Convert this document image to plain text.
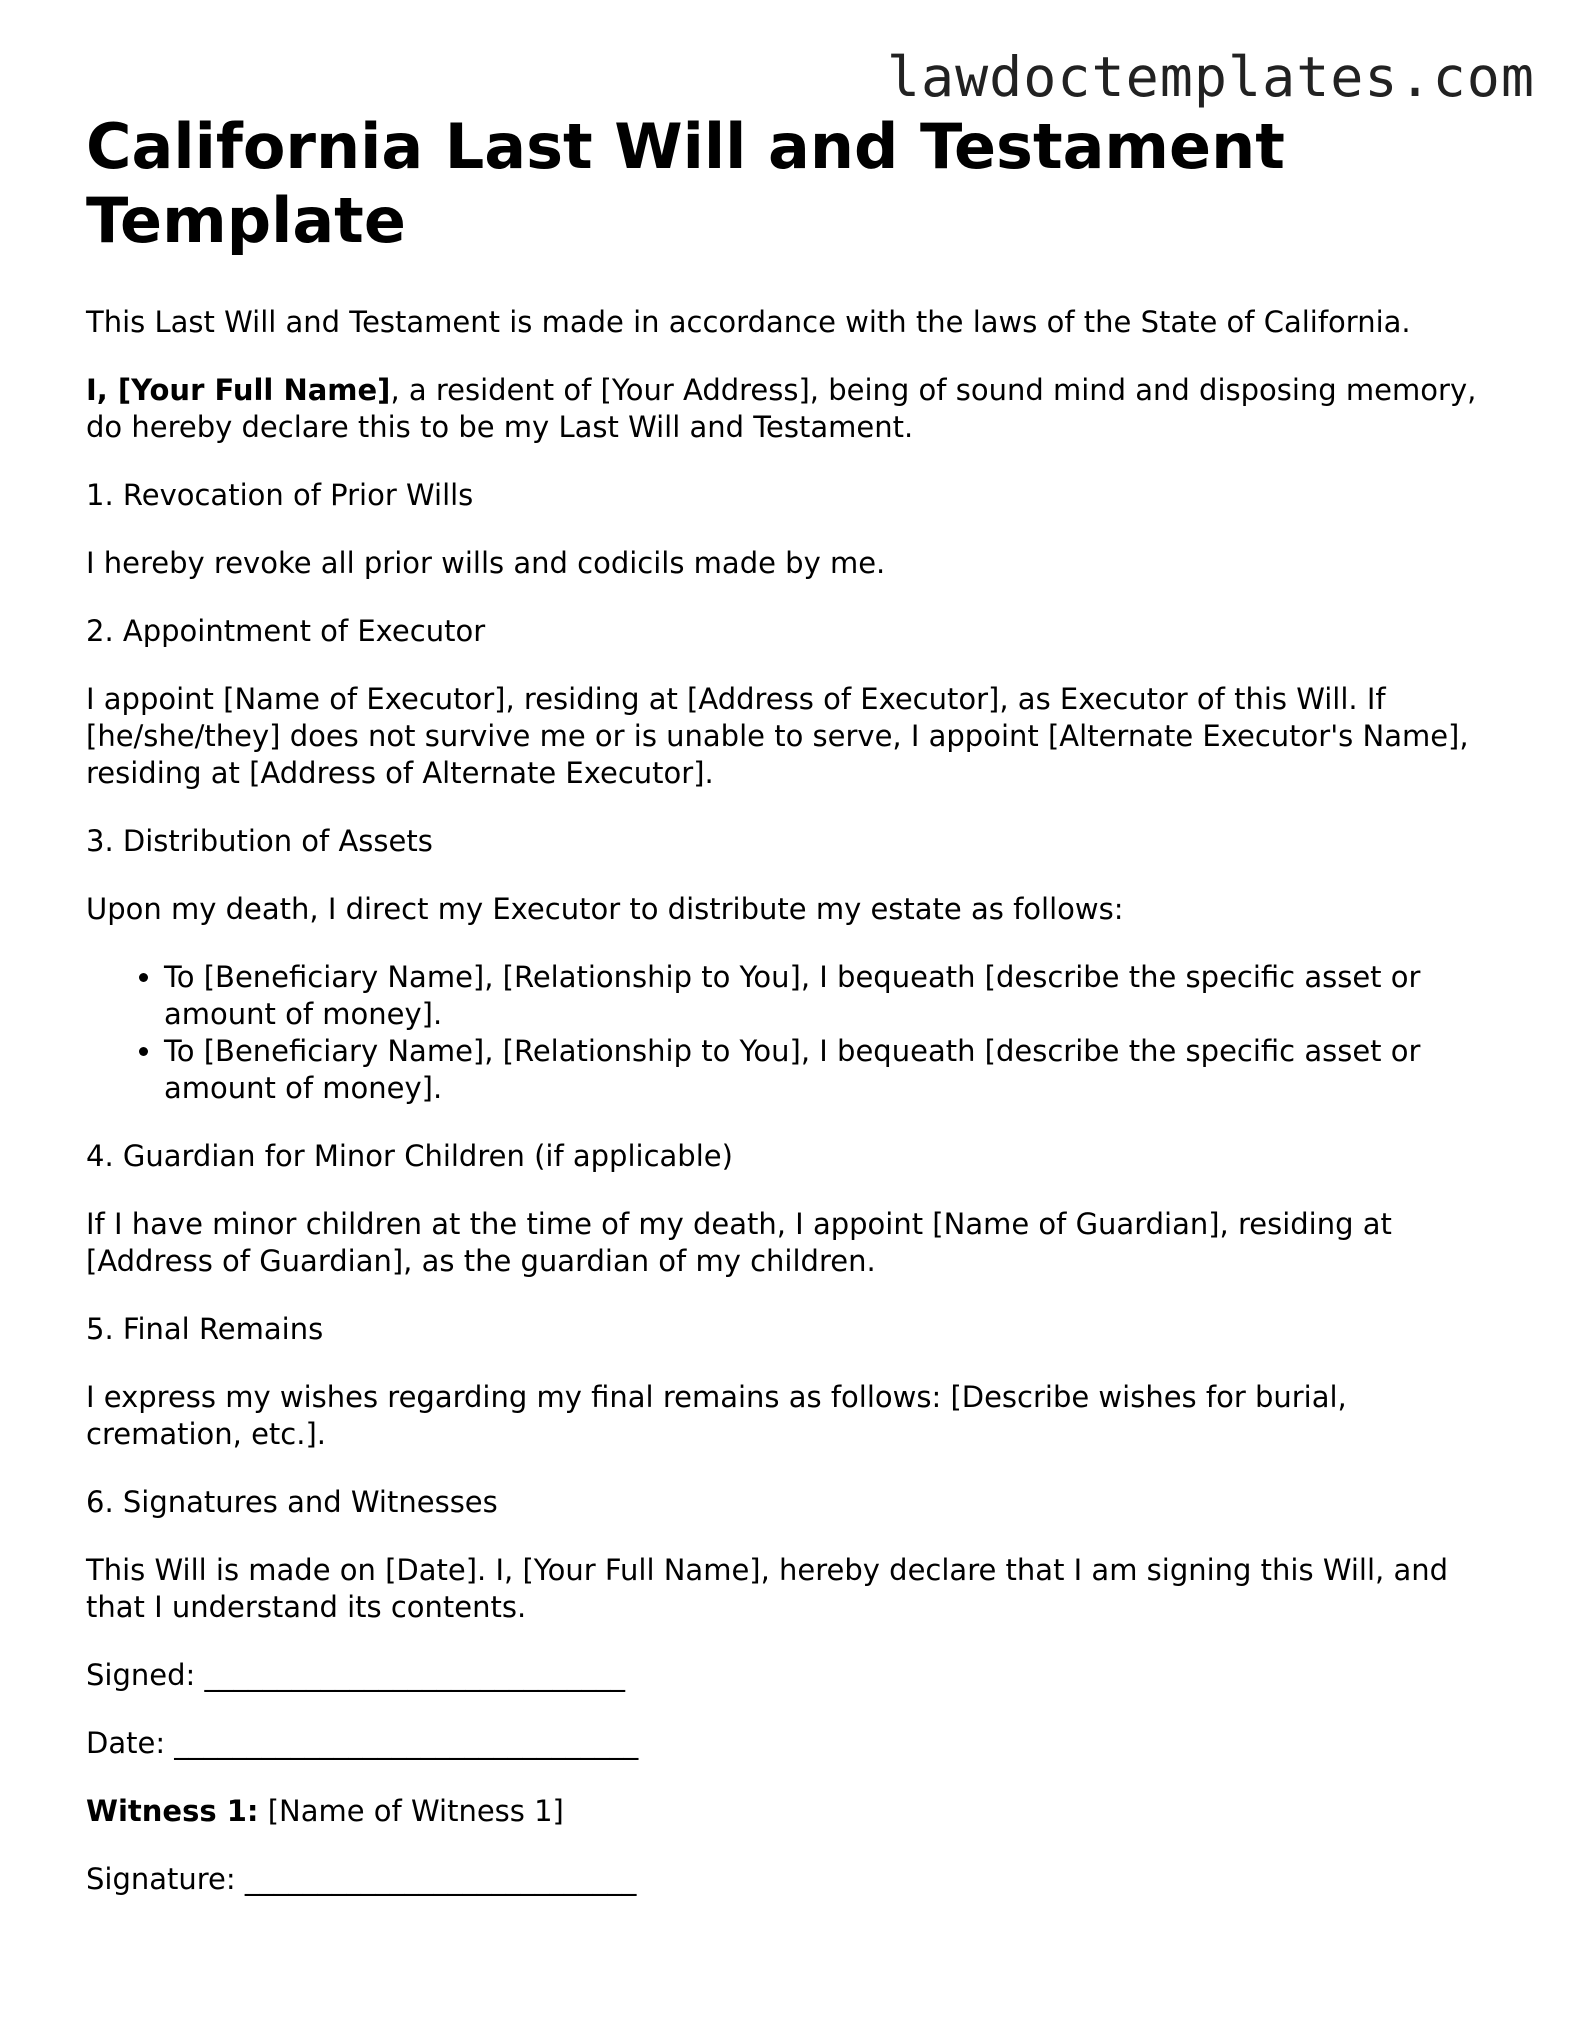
lawdoctemplates.com
California Last Will and Testament Template

This Last Will and Testament is made in accordance with the laws of the State of California.

I, [Your Full Name], a resident of [Your Address], being of sound mind and disposing memory, do hereby declare this to be my Last Will and Testament.

1. Revocation of Prior Wills

I hereby revoke all prior wills and codicils made by me.

2. Appointment of Executor

I appoint [Name of Executor], residing at [Address of Executor], as Executor of this Will. If [he/she/they] does not survive me or is unable to serve, I appoint [Alternate Executor's Name], residing at [Address of Alternate Executor].

3. Distribution of Assets

Upon my death, I direct my Executor to distribute my estate as follows:

• To [Beneficiary Name], [Relationship to You], I bequeath [describe the specific asset or amount of money].
• To [Beneficiary Name], [Relationship to You], I bequeath [describe the specific asset or amount of money].

4. Guardian for Minor Children (if applicable)

If I have minor children at the time of my death, I appoint [Name of Guardian], residing at [Address of Guardian], as the guardian of my children.

5. Final Remains

I express my wishes regarding my final remains as follows: [Describe wishes for burial, cremation, etc.].

6. Signatures and Witnesses

This Will is made on [Date]. I, [Your Full Name], hereby declare that I am signing this Will, and that I understand its contents.

Signed: _____________________________

Date: ________________________________

Witness 1: [Name of Witness 1]

Signature: ___________________________
